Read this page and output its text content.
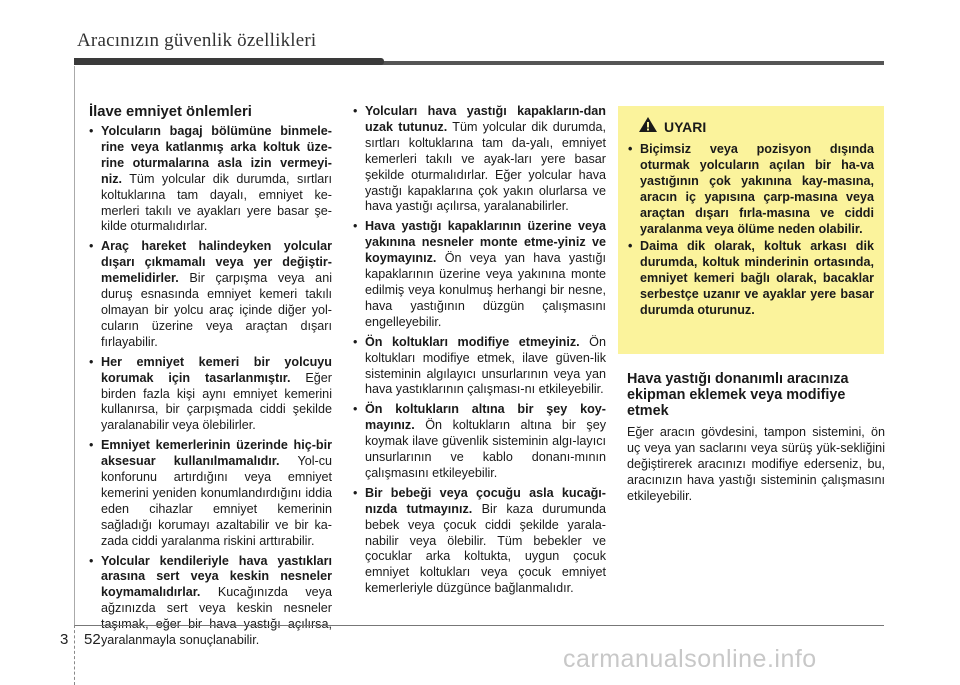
Aracınızın güvenlik özellikleri
İlave emniyet önlemleri
• Yolcuların bagaj bölümüne binmele-rine veya katlanmış arka koltuk üze-rine oturmalarına asla izin vermeyi-niz. Tüm yolcular dik durumda, sırtları koltuklarına tam dayalı, emniyet ke-merleri takılı ve ayakları yere basar şe-kilde oturmalıdırlar.
• Araç hareket halindeyken yolcular dışarı çıkmamalı veya yer değiştir-memelidirler. Bir çarpışma veya ani duruş esnasında emniyet kemeri takılı olmayan bir yolcu araç içinde diğer yol-cuların üzerine veya araçtan dışarı fırlayabilir.
• Her emniyet kemeri bir yolcuyu korumak için tasarlanmıştır. Eğer birden fazla kişi aynı emniyet kemerini kullanırsa, bir çarpışmada ciddi şekilde yaralanabilir veya ölebilirler.
• Emniyet kemerlerinin üzerinde hiç-bir aksesuar kullanılmamalıdır. Yol-cu konforunu artırdığını veya emniyet kemerini yeniden konumlandırdığını iddia eden cihazlar emniyet kemerinin sağladığı korumayı azaltabilir ve bir ka-zada ciddi yaralanma riskini arttırabilir.
• Yolcular kendileriyle hava yastıkları arasına sert veya keskin nesneler koymamalıdırlar. Kucağınızda veya ağzınızda sert veya keskin nesneler yaralanmayla sonuçlanabilir.
• Yolcuları hava yastığı kapakların-dan uzak tutunuz. Tüm yolcular dik durumda, sırtları koltuklarına tam da-yalı, emniyet kemerleri takılı ve ayak-ları yere basar şekilde oturmalıdırlar. Eğer yolcular hava yastığı kapaklarına çok yakın olurlarsa ve hava yastığı açılırsa, yaralanabilirler.
• Hava yastığı kapaklarının üzerine veya yakınına nesneler monte etme-yiniz ve koymayınız. Ön veya yan hava yastığı kapaklarının üzerine veya yakınına monte edilmiş veya konulmuş herhangi bir nesne, hava yastığının düzgün çalışmasını engelleyebilir.
• Ön koltukları modifiye etmeyiniz. Ön koltukları modifiye etmek, ilave güven-lik sisteminin algılayıcı unsurlarının veya yan hava yastıklarının çalışması-nı etkileyebilir.
• Ön koltukların altına bir şey koy-mayınız. Ön koltukların altına bir şey koymak ilave güvenlik sisteminin algı-layıcı unsurlarının ve kablo donanı-mının çalışmasını etkileyebilir.
• Bir bebeği veya çocuğu asla kucağı-nızda tutmayınız. Bir kaza durumunda bebek veya çocuk ciddi şekilde yarala-nabilir veya ölebilir. Tüm bebekler ve çocuklar arka koltukta, uygun çocuk emniyet koltukları veya çocuk emniyet kemerleriyle düzgünce bağlanmalıdır.
UYARI
• Biçimsiz veya pozisyon dışında oturmak yolcuların açılan bir ha-va yastığının çok yakınına kay-masına, aracın iç yapısına çarp-masına veya araçtan dışarı fırla-masına ve ciddi yaralanma veya ölüme neden olabilir.
• Daima dik olarak, koltuk arkası dik durumda, koltuk minderinin ortasında, emniyet kemeri bağlı olarak, bacaklar serbestçe uzanır ve ayaklar yere basar durumda oturunuz.
Hava yastığı donanımlı aracınıza ekipman eklemek veya modifiye etmek
Eğer aracın gövdesini, tampon sistemini, ön uç veya yan saclarını veya sürüş yük-sekliğini değiştirerek aracınızı modifiye ederseniz, bu, aracınızın hava yastığı sisteminin çalışmasını etkileyebilir.
3 52
carmanualsonline.info
